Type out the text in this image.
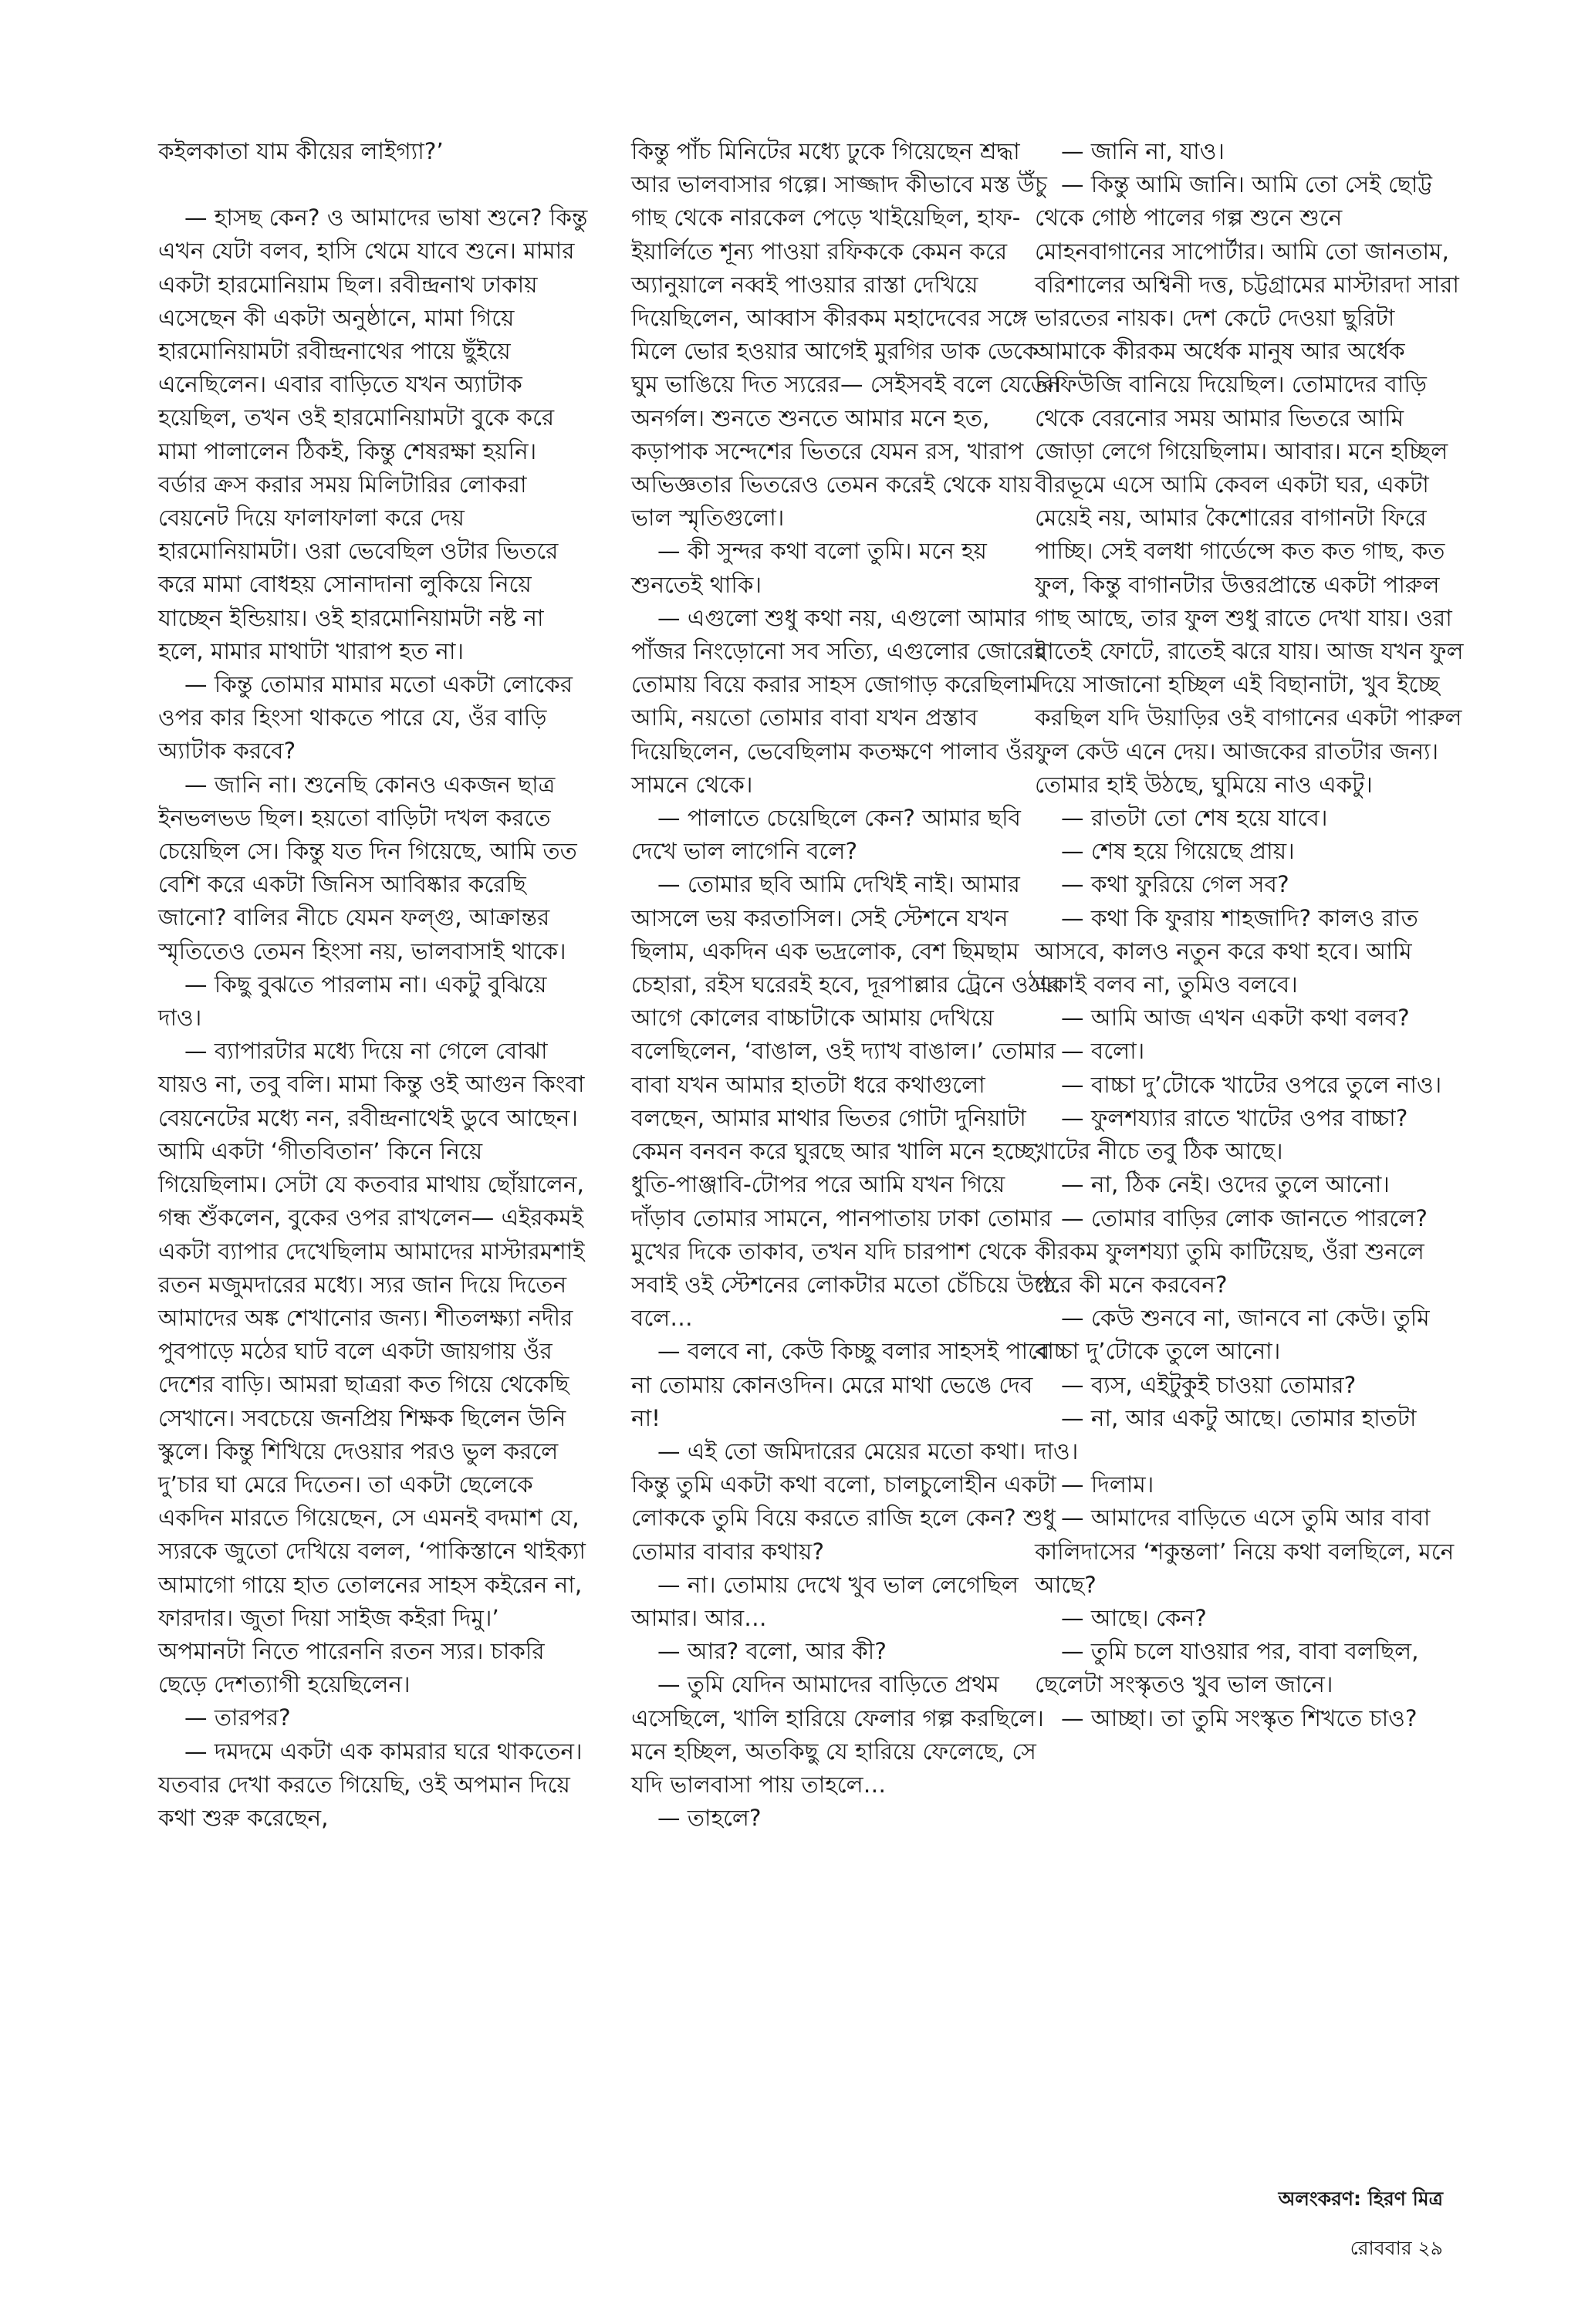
কইলকাতা যাম কীয়ের লাইগ্যা?’

— হাসছ কেন? ও আমাদের ভাষা শুনে? কিন্তু এখন যেটা বলব, হাসি থেমে যাবে শুনে। মামার একটা হারমোনিয়াম ছিল। রবীন্দ্রনাথ ঢাকায় এসেছেন কী একটা অনুষ্ঠানে, মামা গিয়ে হারমোনিয়ামটা রবীন্দ্রনাথের পায়ে ছুঁইয়ে এনেছিলেন। এবার বাড়িতে যখন অ্যাটাক হয়েছিল, তখন ওই হারমোনিয়ামটা বুকে করে মামা পালালেন ঠিকই, কিন্তু শেষরক্ষা হয়নি। বর্ডার ক্রস করার সময় মিলিটারির লোকরা বেয়নেট দিয়ে ফালাফালা করে দেয় হারমোনিয়ামটা। ওরা ভেবেছিল ওটার ভিতরে করে মামা বোধহয় সোনাদানা লুকিয়ে নিয়ে যাচ্ছেন ইন্ডিয়ায়। ওই হারমোনিয়ামটা নষ্ট না হলে, মামার মাথাটা খারাপ হত না।

— কিন্তু তোমার মামার মতো একটা লোকের ওপর কার হিংসা থাকতে পারে যে, ওঁর বাড়ি অ্যাটাক করবে?

— জানি না। শুনেছি কোনও একজন ছাত্র ইনভলভড ছিল। হয়তো বাড়িটা দখল করতে চেয়েছিল সে। কিন্তু যত দিন গিয়েছে, আমি তত বেশি করে একটা জিনিস আবিষ্কার করেছি জানো? বালির নীচে যেমন ফল্গু, আক্রান্তর স্মৃতিতেও তেমন হিংসা নয়, ভালবাসাই থাকে।

— কিছু বুঝতে পারলাম না। একটু বুঝিয়ে দাও।

— ব্যাপারটার মধ্যে দিয়ে না গেলে বোঝা যায়ও না, তবু বলি। মামা কিন্তু ওই আগুন কিংবা বেয়নেটের মধ্যে নন, রবীন্দ্রনাথেই ডুবে আছেন। আমি একটা ‘গীতবিতান’ কিনে নিয়ে গিয়েছিলাম। সেটা যে কতবার মাথায় ছোঁয়ালেন, গন্ধ শুঁকলেন, বুকের ওপর রাখলেন— এইরকমই একটা ব্যাপার দেখেছিলাম আমাদের মাস্টারমশাই রতন মজুমদারের মধ্যে। স্যর জান দিয়ে দিতেন আমাদের অঙ্ক শেখানোর জন্য। শীতলক্ষ্যা নদীর পুবপাড়ে মঠের ঘাট বলে একটা জায়গায় ওঁর দেশের বাড়ি। আমরা ছাত্ররা কত গিয়ে থেকেছি সেখানে। সবচেয়ে জনপ্রিয় শিক্ষক ছিলেন উনি স্কুলে। কিন্তু শিখিয়ে দেওয়ার পরও ভুল করলে দু’চার ঘা মেরে দিতেন। তা একটা ছেলেকে একদিন মারতে গিয়েছেন, সে এমনই বদমাশ যে, স্যরকে জুতো দেখিয়ে বলল, ‘পাকিস্তানে থাইক্যা আমাগো গায়ে হাত তোলনের সাহস কইরেন না, ফারদার। জুতা দিয়া সাইজ কইরা দিমু।’ অপমানটা নিতে পারেননি রতন স্যর। চাকরি ছেড়ে দেশত্যাগী হয়েছিলেন।

— তারপর?

— দমদমে একটা এক কামরার ঘরে থাকতেন। যতবার দেখা করতে গিয়েছি, ওই অপমান দিয়ে কথা শুরু করেছেন,

কিন্তু পাঁচ মিনিটের মধ্যে ঢুকে গিয়েছেন শ্রদ্ধা আর ভালবাসার গল্পে। সাজ্জাদ কীভাবে মস্ত উঁচু গাছ থেকে নারকেল পেড়ে খাইয়েছিল, হাফ-ইয়ার্লিতে শূন্য পাওয়া রফিককে কেমন করে অ্যানুয়ালে নব্বই পাওয়ার রাস্তা দেখিয়ে দিয়েছিলেন, আব্বাস কীরকম মহাদেবের সঙ্গে মিলে ভোর হওয়ার আগেই মুরগির ডাক ডেকে ঘুম ভাঙিয়ে দিত স্যরের— সেইসবই বলে যেতেন অনর্গল। শুনতে শুনতে আমার মনে হত, কড়াপাক সন্দেশের ভিতরে যেমন রস, খারাপ অভিজ্ঞতার ভিতরেও তেমন করেই থেকে যায় ভাল স্মৃতিগুলো।

— কী সুন্দর কথা বলো তুমি। মনে হয় শুনতেই থাকি।

— এগুলো শুধু কথা নয়, এগুলো আমার পাঁজর নিংড়োনো সব সত্যি, এগুলোর জোরেই তোমায় বিয়ে করার সাহস জোগাড় করেছিলাম আমি, নয়তো তোমার বাবা যখন প্রস্তাব দিয়েছিলেন, ভেবেছিলাম কতক্ষণে পালাব ওঁর সামনে থেকে।

— পালাতে চেয়েছিলে কেন? আমার ছবি দেখে ভাল লাগেনি বলে?

— তোমার ছবি আমি দেখিই নাই। আমার আসলে ভয় করতাসিল। সেই স্টেশনে যখন ছিলাম, একদিন এক ভদ্রলোক, বেশ ছিমছাম চেহারা, রইস ঘরেরই হবে, দূরপাল্লার ট্রেনে ওঠার আগে কোলের বাচ্চাটাকে আমায় দেখিয়ে বলেছিলেন, ‘বাঙাল, ওই দ্যাখ বাঙাল।’ তোমার বাবা যখন আমার হাতটা ধরে কথাগুলো বলছেন, আমার মাথার ভিতর গোটা দুনিয়াটা কেমন বনবন করে ঘুরছে আর খালি মনে হচ্ছে, ধুতি-পাঞ্জাবি-টোপর পরে আমি যখন গিয়ে দাঁড়াব তোমার সামনে, পানপাতায় ঢাকা তোমার মুখের দিকে তাকাব, তখন যদি চারপাশ থেকে সবাই ওই স্টেশনের লোকটার মতো চেঁচিয়ে উঠে বলে…

— বলবে না, কেউ কিচ্ছু বলার সাহসই পাবে না তোমায় কোনওদিন। মেরে মাথা ভেঙে দেব না!

— এই তো জমিদারের মেয়ের মতো কথা। কিন্তু তুমি একটা কথা বলো, চালচুলোহীন একটা লোককে তুমি বিয়ে করতে রাজি হলে কেন? শুধু তোমার বাবার কথায়?

— না। তোমায় দেখে খুব ভাল লেগেছিল আমার। আর…

— আর? বলো, আর কী?

— তুমি যেদিন আমাদের বাড়িতে প্রথম এসেছিলে, খালি হারিয়ে ফেলার গল্প করছিলে। মনে হচ্ছিল, অতকিছু যে হারিয়ে ফেলেছে, সে যদি ভালবাসা পায় তাহলে…

— তাহলে?

— জানি না, যাও।

— কিন্তু আমি জানি। আমি তো সেই ছোট্ট থেকে গোষ্ঠ পালের গল্প শুনে শুনে মোহনবাগানের সাপোর্টার। আমি তো জানতাম, বরিশালের অশ্বিনী দত্ত, চট্টগ্রামের মাস্টারদা সারা ভারতের নায়ক। দেশ কেটে দেওয়া ছুরিটা আমাকে কীরকম অর্ধেক মানুষ আর অর্ধেক রিফিউজি বানিয়ে দিয়েছিল। তোমাদের বাড়ি থেকে বেরনোর সময় আমার ভিতরে আমি জোড়া লেগে গিয়েছিলাম। আবার। মনে হচ্ছিল বীরভূমে এসে আমি কেবল একটা ঘর, একটা মেয়েই নয়, আমার কৈশোরের বাগানটা ফিরে পাচ্ছি। সেই বলধা গার্ডেন্সে কত কত গাছ, কত ফুল, কিন্তু বাগানটার উত্তরপ্রান্তে একটা পারুল গাছ আছে, তার ফুল শুধু রাতে দেখা যায়। ওরা রাতেই ফোটে, রাতেই ঝরে যায়। আজ যখন ফুল দিয়ে সাজানো হচ্ছিল এই বিছানাটা, খুব ইচ্ছে করছিল যদি উয়াড়ির ওই বাগানের একটা পারুল ফুল কেউ এনে দেয়। আজকের রাতটার জন্য। তোমার হাই উঠছে, ঘুমিয়ে নাও একটু।

— রাতটা তো শেষ হয়ে যাবে।

— শেষ হয়ে গিয়েছে প্রায়।

— কথা ফুরিয়ে গেল সব?

— কথা কি ফুরায় শাহজাদি? কালও রাত আসবে, কালও নতুন করে কথা হবে। আমি একাই বলব না, তুমিও বলবে।

— আমি আজ এখন একটা কথা বলব?

— বলো।

— বাচ্চা দু’টোকে খাটের ওপরে তুলে নাও।

— ফুলশয্যার রাতে খাটের ওপর বাচ্চা? খাটের নীচে তবু ঠিক আছে।

— না, ঠিক নেই। ওদের তুলে আনো।

— তোমার বাড়ির লোক জানতে পারলে? কীরকম ফুলশয্যা তুমি কাটিয়েছ, ওঁরা শুনলে পরে কী মনে করবেন?

— কেউ শুনবে না, জানবে না কেউ। তুমি বাচ্চা দু’টোকে তুলে আনো।

— ব্যস, এইটুকুই চাওয়া তোমার?

— না, আর একটু আছে। তোমার হাতটা দাও।

— দিলাম।

— আমাদের বাড়িতে এসে তুমি আর বাবা কালিদাসের ‘শকুন্তলা’ নিয়ে কথা বলছিলে, মনে আছে?

— আছে। কেন?

— তুমি চলে যাওয়ার পর, বাবা বলছিল, ছেলেটা সংস্কৃতও খুব ভাল জানে।

— আচ্ছা। তা তুমি সংস্কৃত শিখতে চাও?

অলংকরণ: হিরণ মিত্র
রোববার ২৯
